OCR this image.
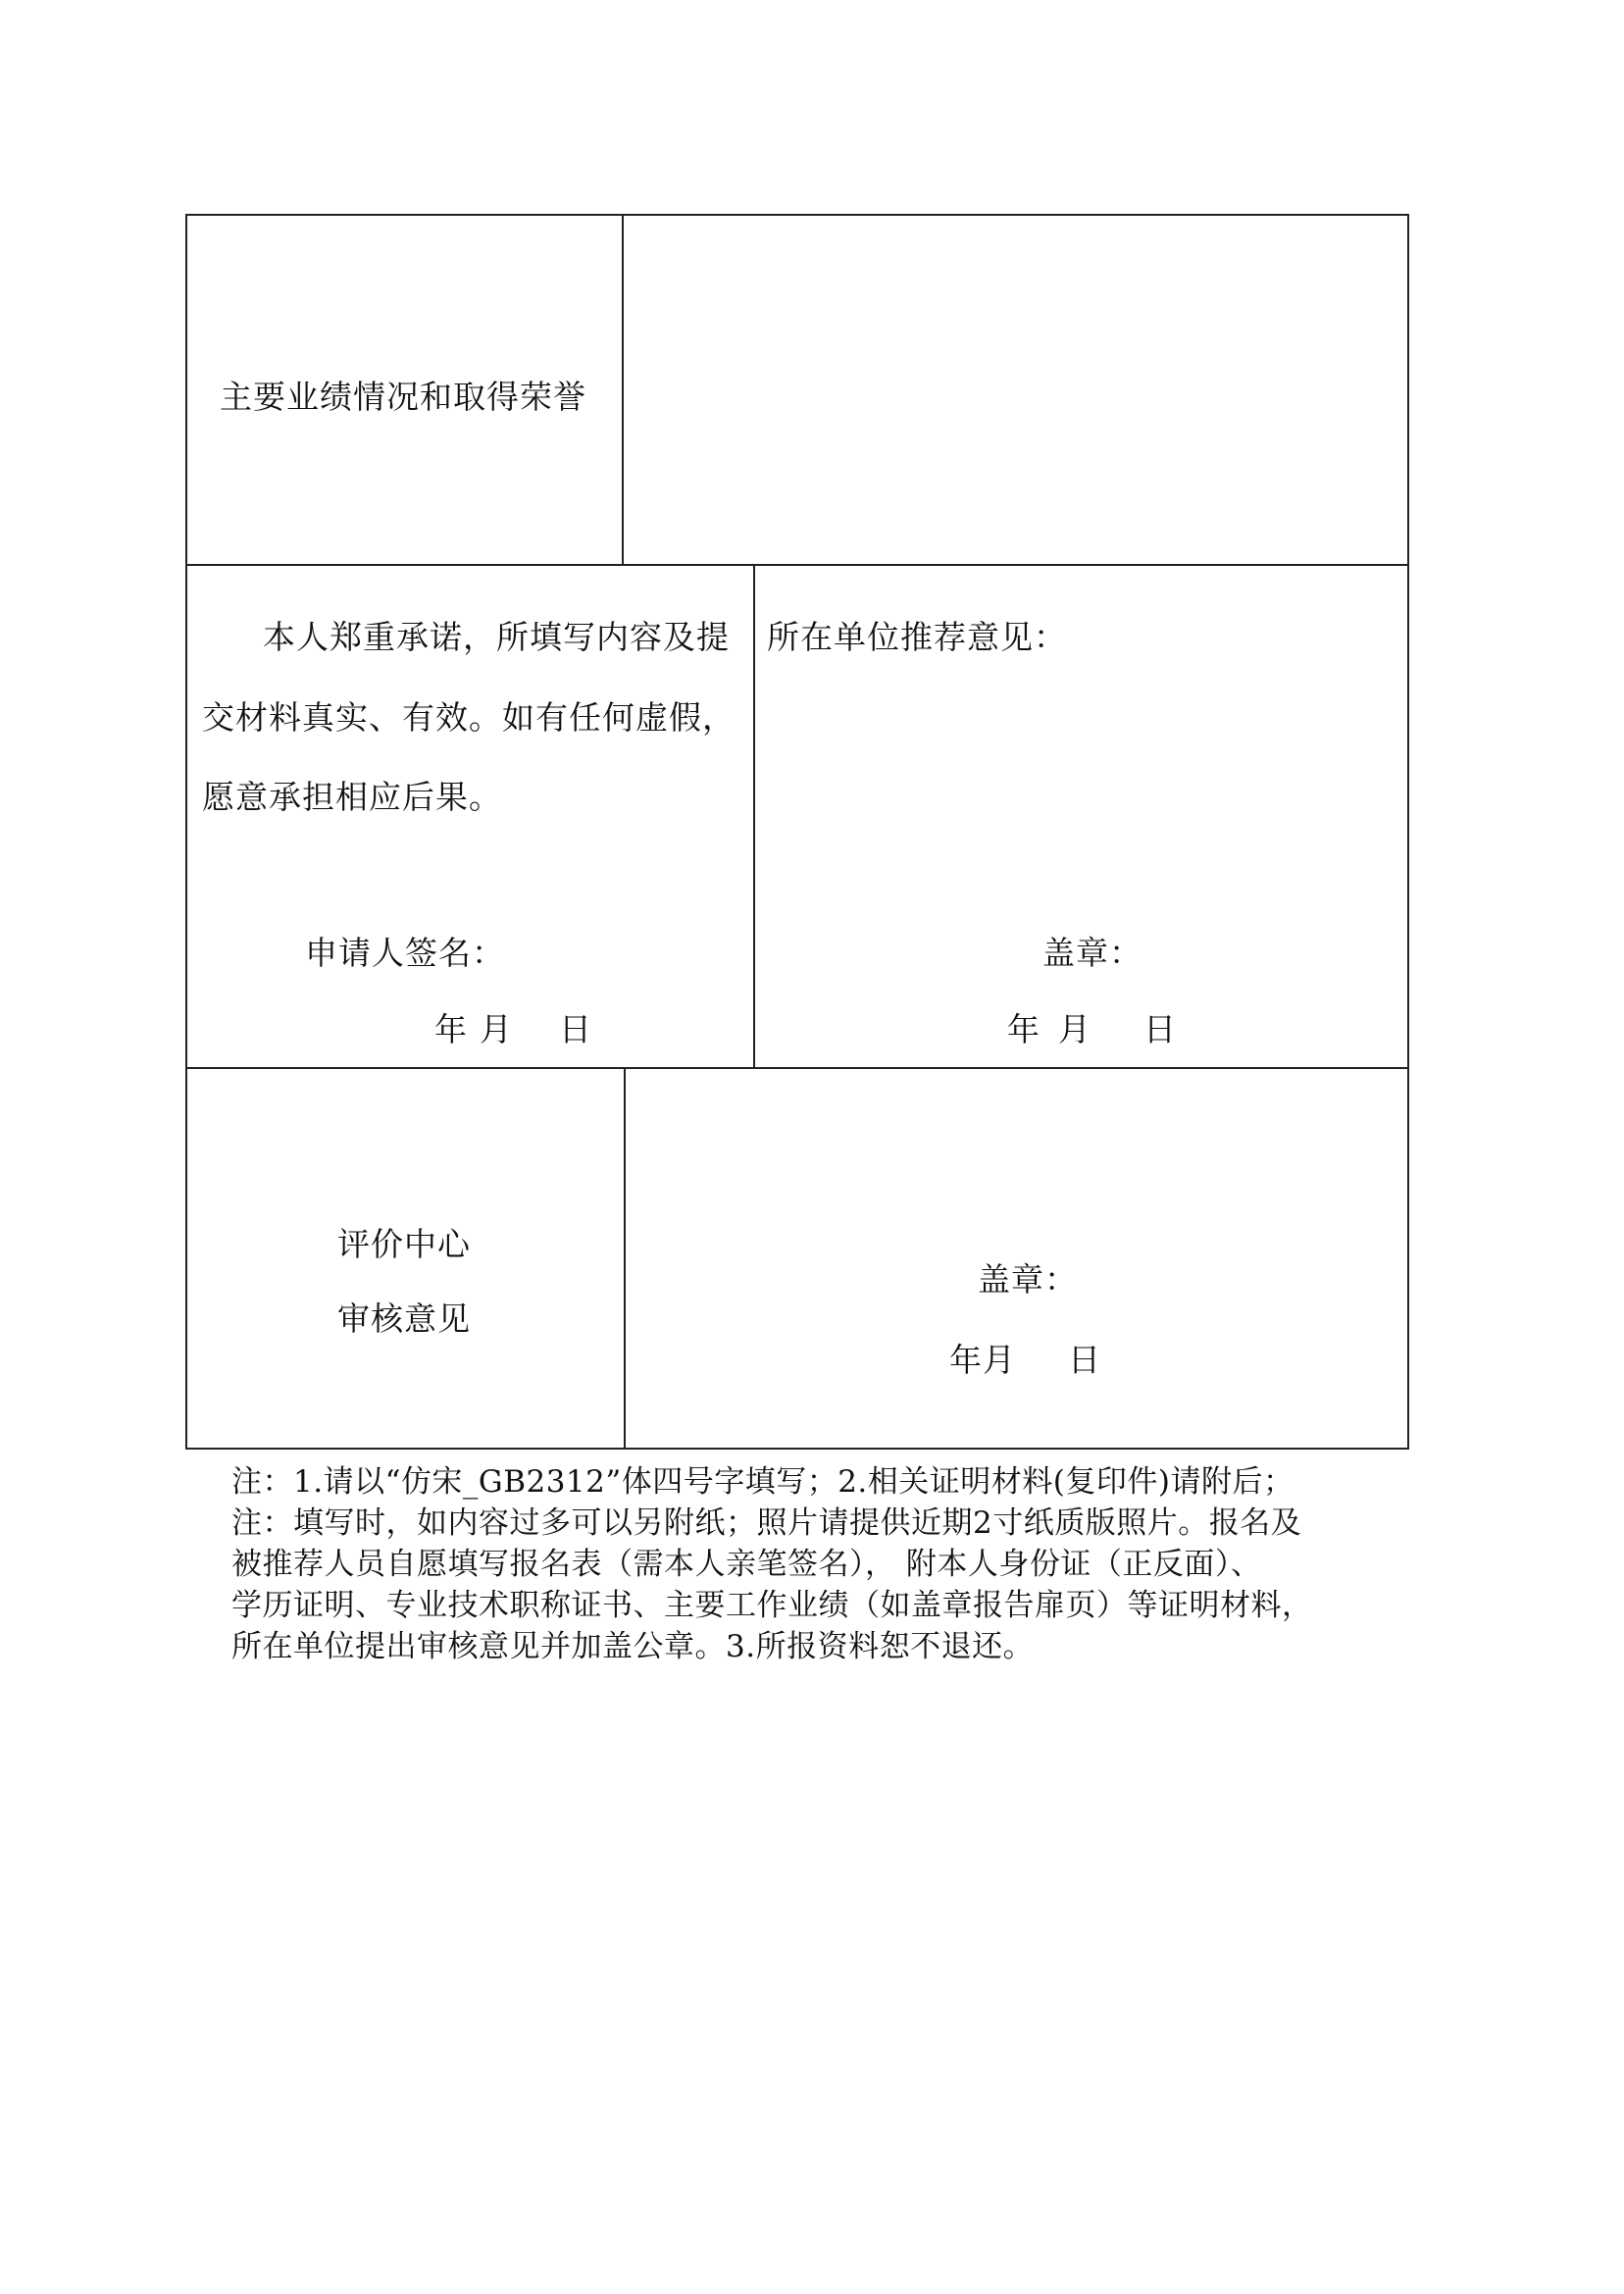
主要业绩情况和取得荣誉
本人郑重承诺，所填写内容及提
交材料真实、有效。如有任何虚假，
愿意承担相应后果。
申请人签名：
年 月 日
所在单位推荐意见：
盖章：
年 月 日
评价中心
审核意见
盖章：
年月 日
注：1.请以“仿宋_GB2312”体四号字填写；2.相关证明材料(复印件)请附后；
注：填写时，如内容过多可以另附纸；照片请提供近期2寸纸质版照片。报名及
被推荐人员自愿填写报名表（需本人亲笔签名）， 附本人身份证（正反面）、
学历证明、专业技术职称证书、主要工作业绩（如盖章报告扉页）等证明材料，
所在单位提出审核意见并加盖公章。3.所报资料恕不退还。
